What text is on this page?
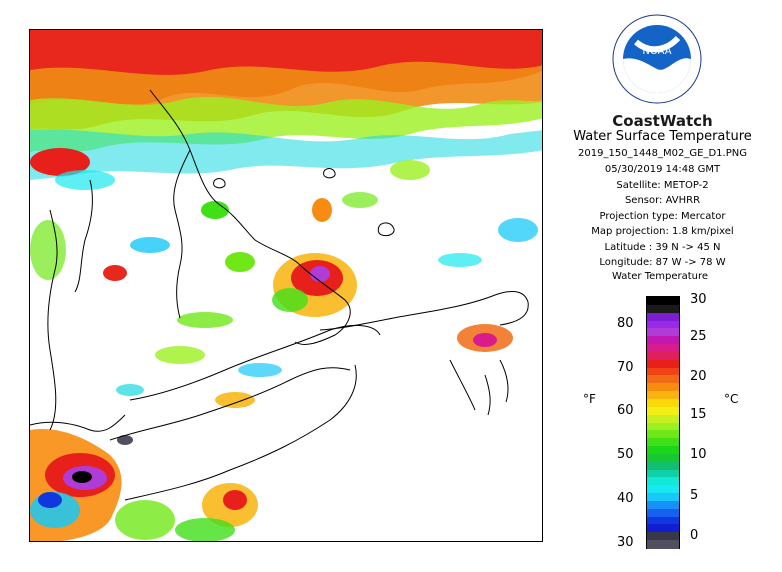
NOAA
CoastWatch
Water Surface Temperature
2019_150_1448_M02_GE_D1.PNG
05/30/2019 14:48 GMT
Satellite: METOP-2
Sensor: AVHRR
Projection type: Mercator
Map projection: 1.8 km/pixel
Latitude : 39 N -> 45 N
Longitude: 87 W -> 78 W
Water Temperature
°F	°C
80
70
60
50
40
30
30
25
20
15
10
5
0
